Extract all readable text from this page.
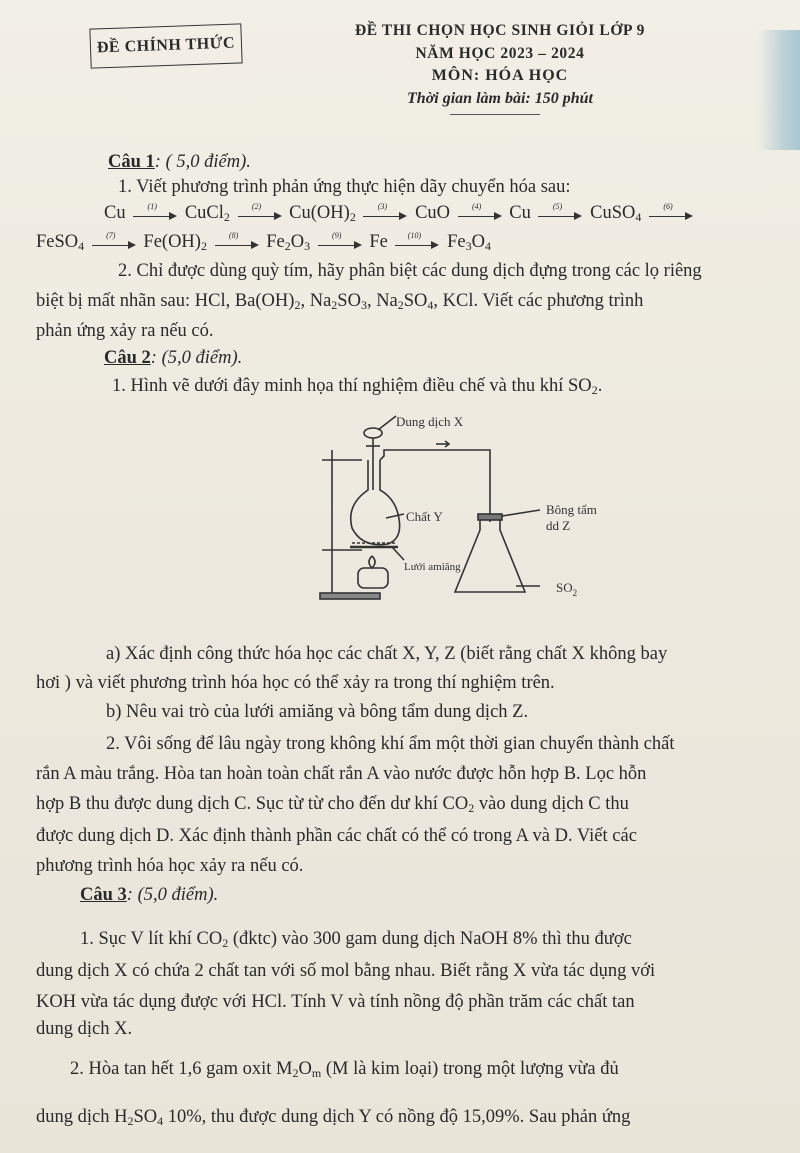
ĐỀ CHÍNH THỨC
ĐỀ THI CHỌN HỌC SINH GIỎI LỚP 9
NĂM HỌC 2023 – 2024
MÔN: HÓA HỌC
Thời gian làm bài: 150 phút
Câu 1: ( 5,0 điểm).
1. Viết phương trình phản ứng thực hiện dãy chuyển hóa sau:
Cu	(1)	CuCl$_2$
(2)	$Cu(OH)_2$
(3)	CuO	(4)	Cu	(5)	CuSO$_4$
(6)
FeSO$_4$
(7)	$Fe(OH)_2$
(8)	$Fe_2O_3$
(9)	Fe	(10)	$Fe_3O_4$
2. Chỉ được dùng quỳ tím, hãy phân biệt các dung dịch đựng trong các lọ riêng
biệt bị mất nhãn sau: HCl, $Ba(OH)_2$, $Na_2SO_3$, $Na_2SO_4$, KCl. Viết các phương trình
phản ứng xảy ra nếu có.
Câu 2: (5,0 điểm).
1. Hình vẽ dưới đây minh họa thí nghiệm điều chế và thu khí $SO_2$.
Dung dịch X
Chất Y
Lưới amiăng
Bông tẩm
dd Z
$SO_2$
a) Xác định công thức hóa học các chất X, Y, Z (biết rằng chất X không bay
hơi ) và viết phương trình hóa học có thể xảy ra trong thí nghiệm trên.
b) Nêu vai trò của lưới amiăng và bông tẩm dung dịch Z.
2. Vôi sống để lâu ngày trong không khí ẩm một thời gian chuyển thành chất
rắn A màu trắng. Hòa tan hoàn toàn chất rắn A vào nước được hỗn hợp B. Lọc hỗn
hợp B thu được dung dịch C. Sục từ từ cho đến dư khí $CO_2$ vào dung dịch C thu
được dung dịch D. Xác định thành phần các chất có thể có trong A và D. Viết các
phương trình hóa học xảy ra nếu có.
Câu 3: (5,0 điểm).
1. Sục V lít khí $CO_2$ (đktc) vào 300 gam dung dịch NaOH 8% thì thu được
dung dịch X có chứa 2 chất tan với số mol bằng nhau. Biết rằng X vừa tác dụng với
KOH vừa tác dụng được với HCl. Tính V và tính nồng độ phần trăm các chất tan
dung dịch X.
2. Hòa tan hết 1,6 gam oxit $M_2O_m$ (M là kim loại) trong một lượng vừa đủ
dung dịch $H_2SO_4$ 10%, thu được dung dịch Y có nồng độ 15,09%. Sau phản ứng
